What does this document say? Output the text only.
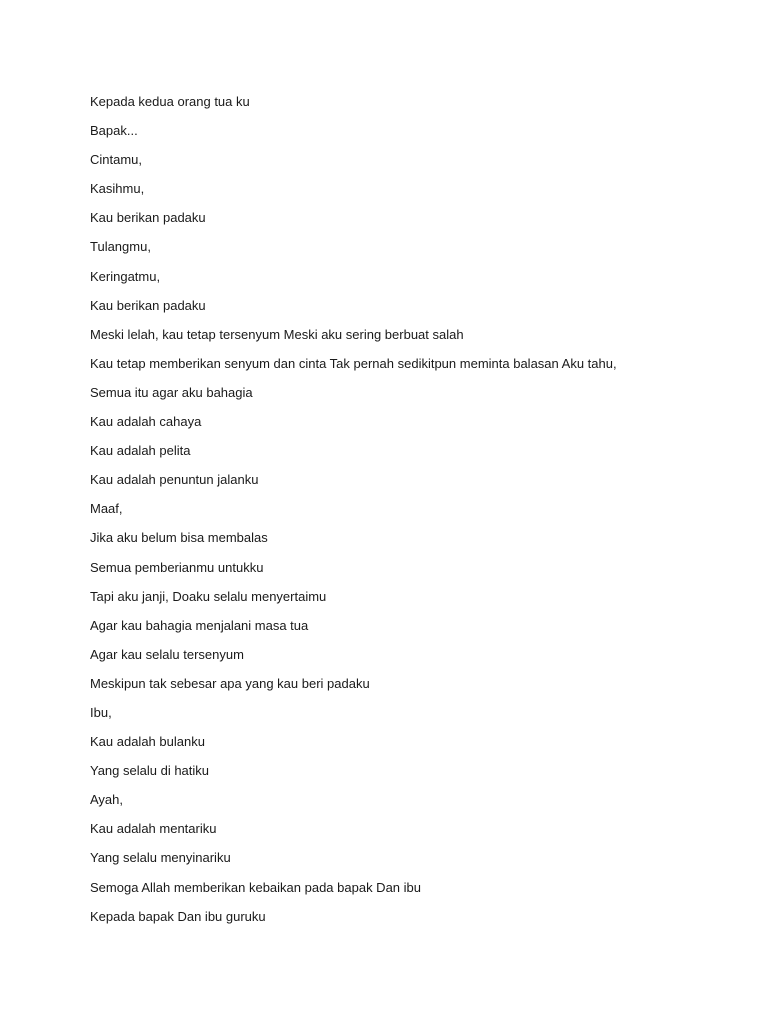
Kepada kedua orang tua ku
Bapak...
Cintamu,
Kasihmu,
Kau berikan padaku
Tulangmu,
Keringatmu,
Kau berikan padaku
Meski lelah, kau tetap tersenyum Meski aku sering berbuat salah
Kau tetap memberikan senyum dan cinta Tak pernah sedikitpun meminta balasan Aku tahu,
Semua itu agar aku bahagia
Kau adalah cahaya
Kau adalah pelita
Kau adalah penuntun jalanku
Maaf,
Jika aku belum bisa membalas
Semua pemberianmu untukku
Tapi aku janji, Doaku selalu menyertaimu
Agar kau bahagia menjalani masa tua
Agar kau selalu tersenyum
Meskipun tak sebesar apa yang kau beri padaku
Ibu,
Kau adalah bulanku
Yang selalu di hatiku
Ayah,
Kau adalah mentariku
Yang selalu menyinariku
Semoga Allah memberikan kebaikan pada bapak Dan ibu
Kepada bapak Dan ibu guruku
